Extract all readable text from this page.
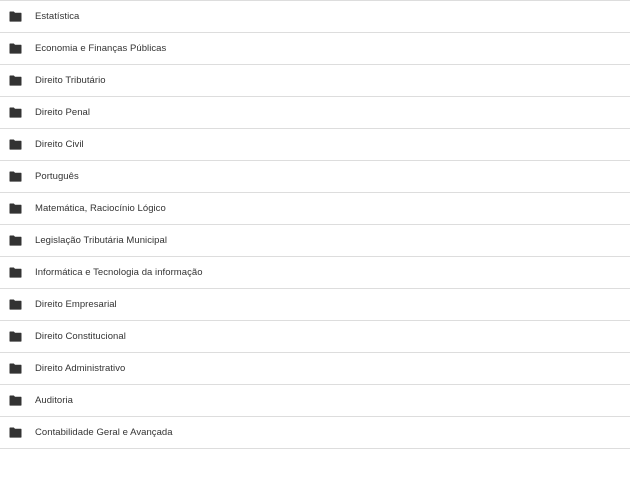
Estatística
Economia e Finanças Públicas
Direito Tributário
Direito Penal
Direito Civil
Português
Matemática, Raciocínio Lógico
Legislação Tributária Municipal
Informática e Tecnologia da informação
Direito Empresarial
Direito Constitucional
Direito Administrativo
Auditoria
Contabilidade Geral e Avançada
